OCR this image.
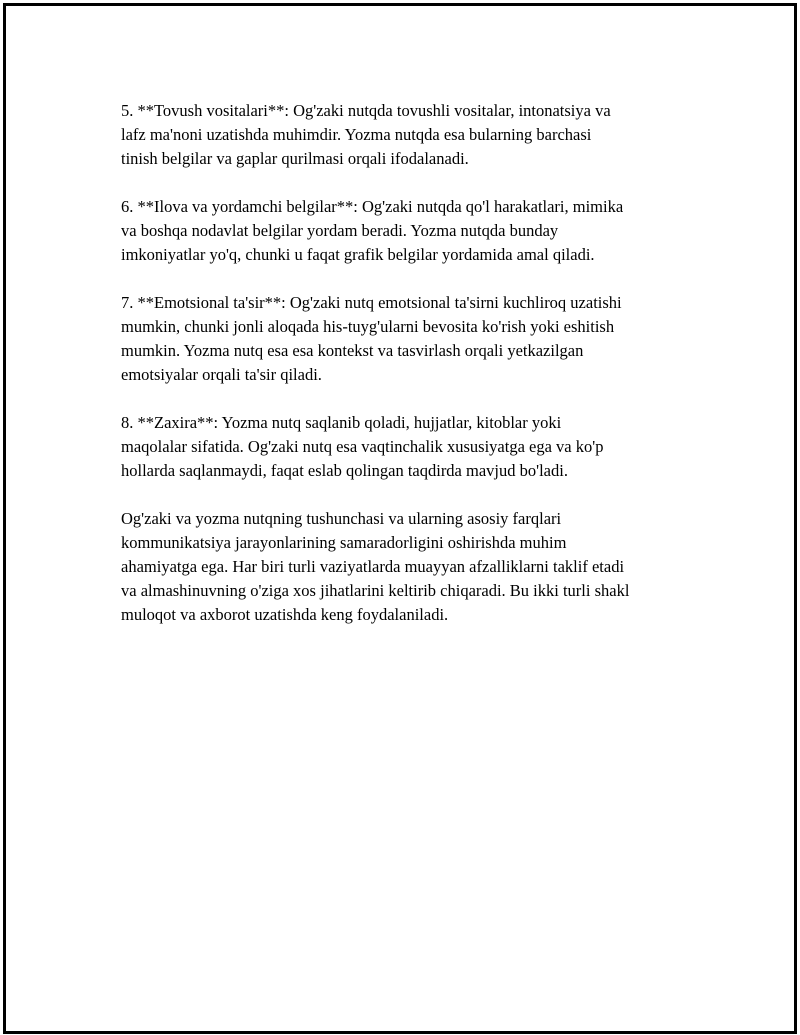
5. **Tovush vositalari**: Og'zaki nutqda tovushli vositalar, intonatsiya va
lafz ma'noni uzatishda muhimdir. Yozma nutqda esa bularning barchasi
tinish belgilar va gaplar qurilmasi orqali ifodalanadi.

6. **Ilova va yordamchi belgilar**: Og'zaki nutqda qo'l harakatlari, mimika
va boshqa nodavlat belgilar yordam beradi. Yozma nutqda bunday
imkoniyatlar yo'q, chunki u faqat grafik belgilar yordamida amal qiladi.

7. **Emotsional ta'sir**: Og'zaki nutq emotsional ta'sirni kuchliroq uzatishi
mumkin, chunki jonli aloqada his-tuyg'ularni bevosita ko'rish yoki eshitish
mumkin. Yozma nutq esa esa kontekst va tasvirlash orqali yetkazilgan
emotsiyalar orqali ta'sir qiladi.

8. **Zaxira**: Yozma nutq saqlanib qoladi, hujjatlar, kitoblar yoki
maqolalar sifatida. Og'zaki nutq esa vaqtinchalik xususiyatga ega va ko'p
hollarda saqlanmaydi, faqat eslab qolingan taqdirda mavjud bo'ladi.

Og'zaki va yozma nutqning tushunchasi va ularning asosiy farqlari
kommunikatsiya jarayonlarining samaradorligini oshirishda muhim
ahamiyatga ega. Har biri turli vaziyatlarda muayyan afzalliklarni taklif etadi
va almashinuvning o'ziga xos jihatlarini keltirib chiqaradi. Bu ikki turli shakl
muloqot va axborot uzatishda keng foydalaniladi.
